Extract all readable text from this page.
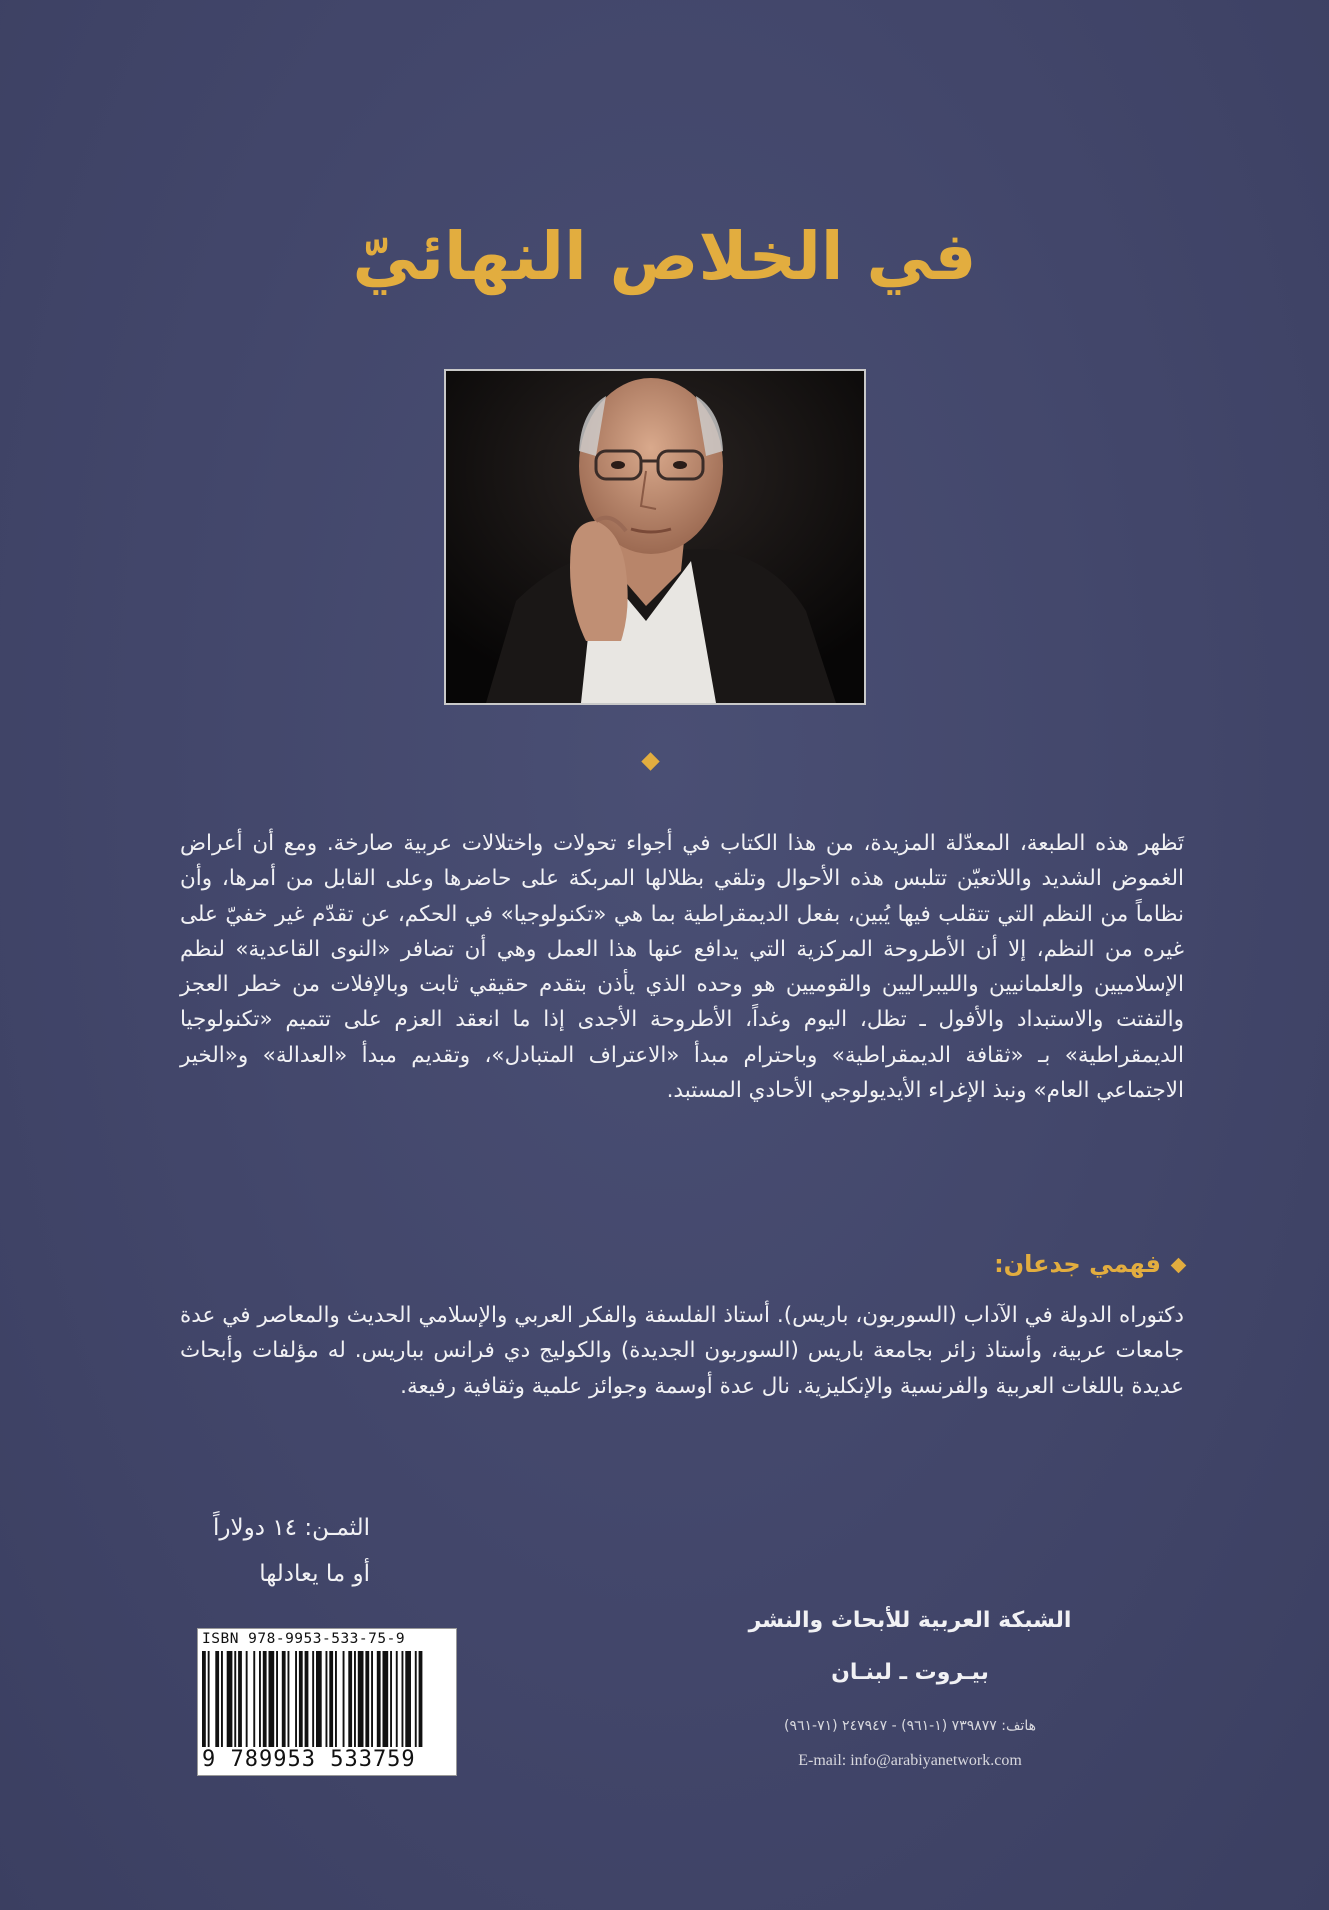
في الخلاص النهائيّ
تَظهر هذه الطبعة، المعدّلة المزيدة، من هذا الكتاب في أجواء تحولات واختلالات عربية صارخة. ومع أن أعراض الغموض الشديد واللاتعيّن تتلبس هذه الأحوال وتلقي بظلالها المربكة على حاضرها وعلى القابل من أمرها، وأن نظاماً من النظم التي تتقلب فيها يُبين، بفعل الديمقراطية بما هي «تكنولوجيا» في الحكم، عن تقدّم غير خفيّ على غيره من النظم، إلا أن الأطروحة المركزية التي يدافع عنها هذا العمل وهي أن تضافر «النوى القاعدية» لنظم الإسلاميين والعلمانيين والليبراليين والقوميين هو وحده الذي يأذن بتقدم حقيقي ثابت وبالإفلات من خطر العجز والتفتت والاستبداد والأفول ـ تظل، اليوم وغداً، الأطروحة الأجدى إذا ما انعقد العزم على تتميم «تكنولوجيا الديمقراطية» بـ «ثقافة الديمقراطية» وباحترام مبدأ «الاعتراف المتبادل»، وتقديم مبدأ «العدالة» و«الخير الاجتماعي العام» ونبذ الإغراء الأيديولوجي الأحادي المستبد.
فهمي جدعان:
دكتوراه الدولة في الآداب (السوربون، باريس). أستاذ الفلسفة والفكر العربي والإسلامي الحديث والمعاصر في عدة جامعات عربية، وأستاذ زائر بجامعة باريس (السوربون الجديدة) والكوليج دي فرانس بباريس. له مؤلفات وأبحاث عديدة باللغات العربية والفرنسية والإنكليزية. نال عدة أوسمة وجوائز علمية وثقافية رفيعة.
الثمـن: ١٤ دولاراً
أو ما يعادلها
الشبكة العربية للأبحاث والنشر
بيـروت ـ لبنـان
هاتف: ٧٣٩٨٧٧ (١-٩٦١) - ٢٤٧٩٤٧ (٧١-٩٦١)
E-mail: info@arabiyanetwork.com
ISBN 978-9953-533-75-9
9 789953 533759
